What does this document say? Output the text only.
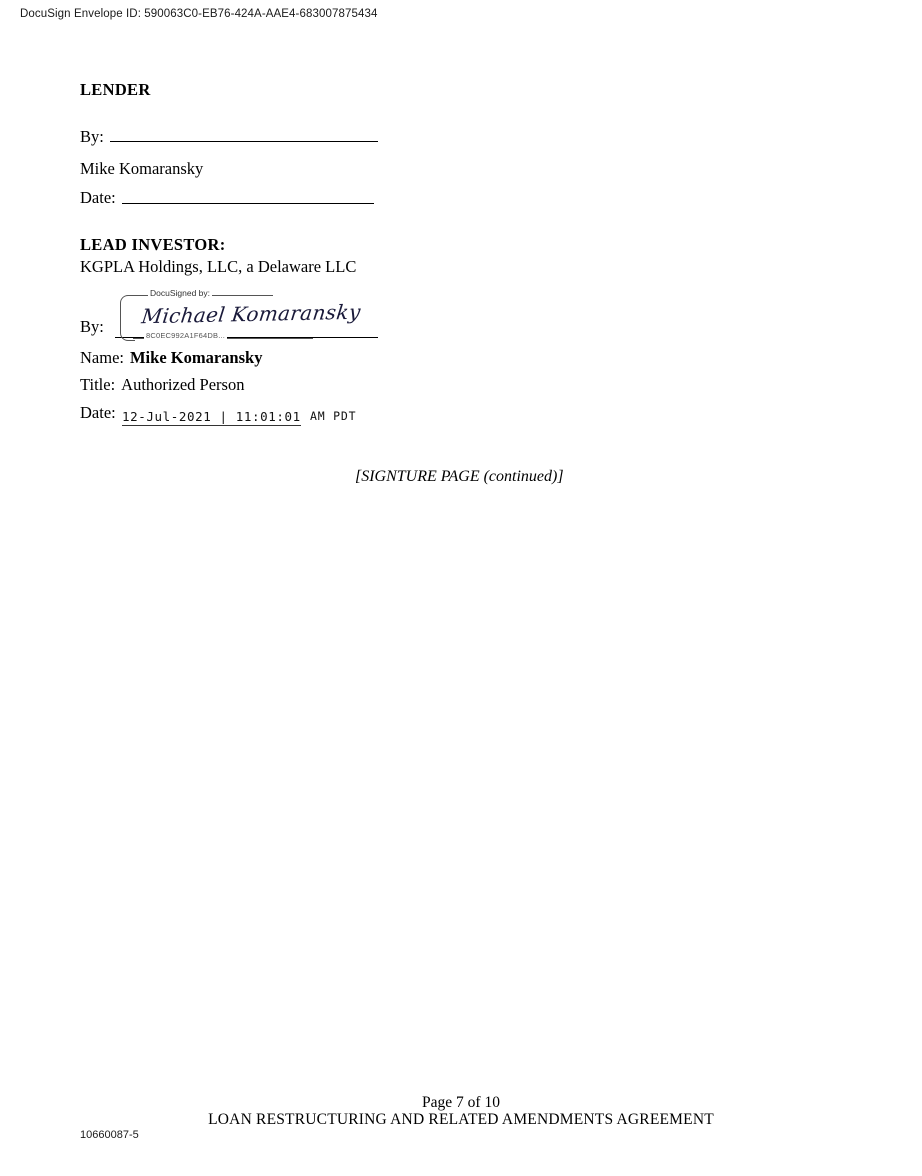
DocuSign Envelope ID: 590063C0-EB76-424A-AAE4-683007875434
LENDER
By:
Mike Komaransky
Date:
LEAD INVESTOR:
KGPLA Holdings, LLC, a Delaware LLC
By:
DocuSigned by:
Michael Komaransky
8C0EC992A1F64DB...
Name: Mike Komaransky
Title: Authorized Person
Date: 12-Jul-2021 | 11:01:01 AM PDT
[SIGNTURE PAGE (continued)]
Page 7 of 10
LOAN RESTRUCTURING AND RELATED AMENDMENTS AGREEMENT
10660087-5
